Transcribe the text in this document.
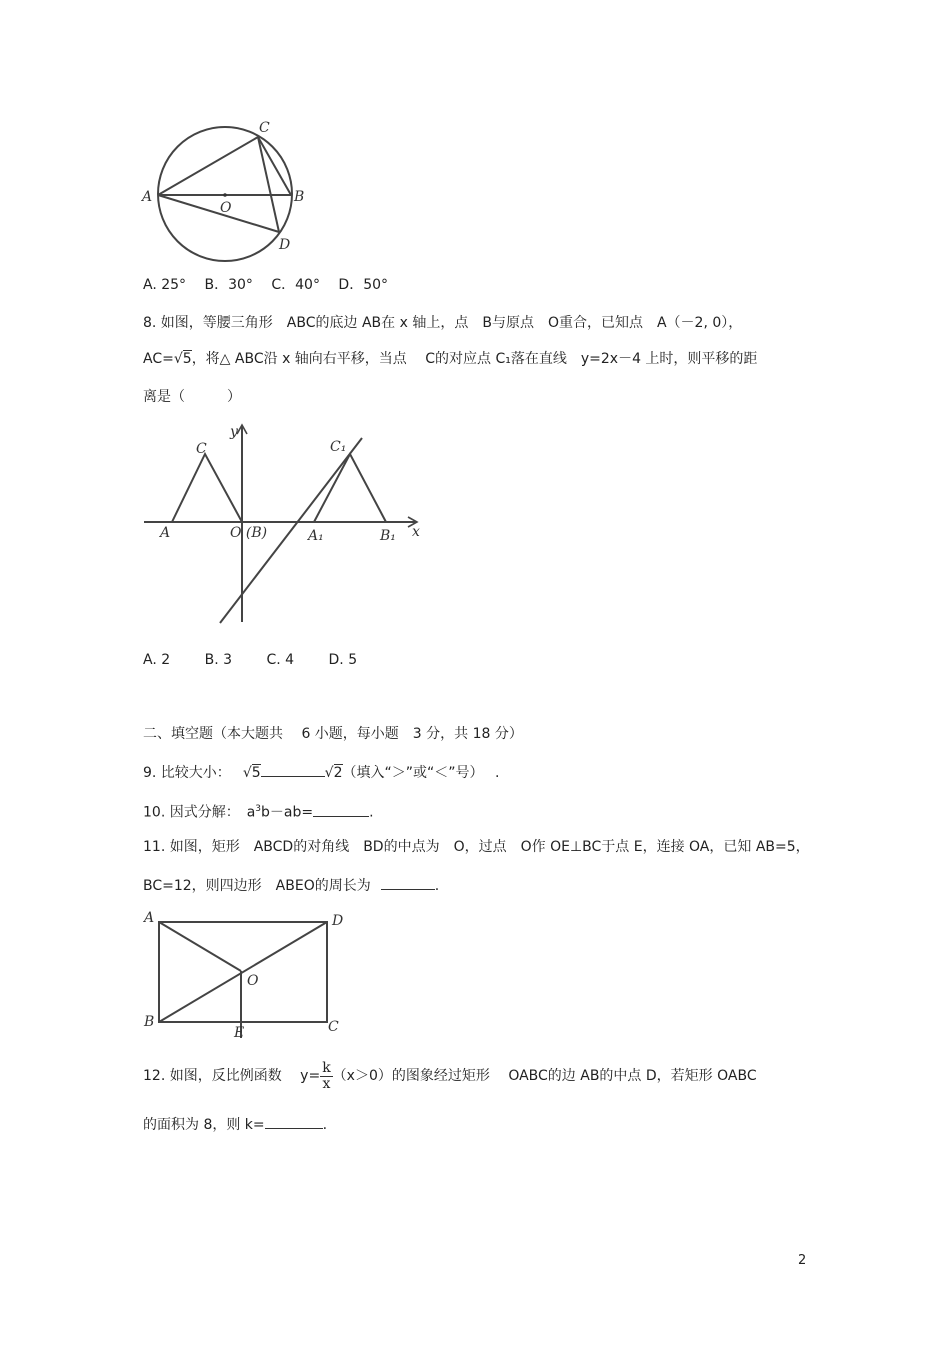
C
A	B
O
D
A. 25° B．30° C．40° D．50°
8. 如图，等腰三角形　ABC的底边 AB在 x 轴上，点　B与原点　O重合，已知点　A（－2, 0），
AC=√5，将△ ABC沿 x 轴向右平移，当点　 C的对应点 C₁落在直线　y=2x－4 上时，则平移的距
离是（　　　）
y
x
C
A	O (B)
C₁
A₁	B₁
A. 2 B. 3 C. 4 D. 5
二、填空题（本大题共　 6 小题，每小题　3 分，共 18 分）
9. 比较大小： √5	√2（填入“＞”或“＜”号）　 .
10. 因式分解：　$a^3b-ab=$	.
11. 如图，矩形　ABCD的对角线　BD的中点为　O，过点　O作 OE⊥BC于点 E，连接 OA，已知 AB=5，
BC=12，则四边形　ABEO的周长为	.
A	D
O
B
E	C
12. 如图，反比例函数　 $y= \frac{k}{x} (x>0)$的图象经过矩形　 OABC的边 AB的中点 D，若矩形 OABC
的面积为 8，则 k=	.
2
